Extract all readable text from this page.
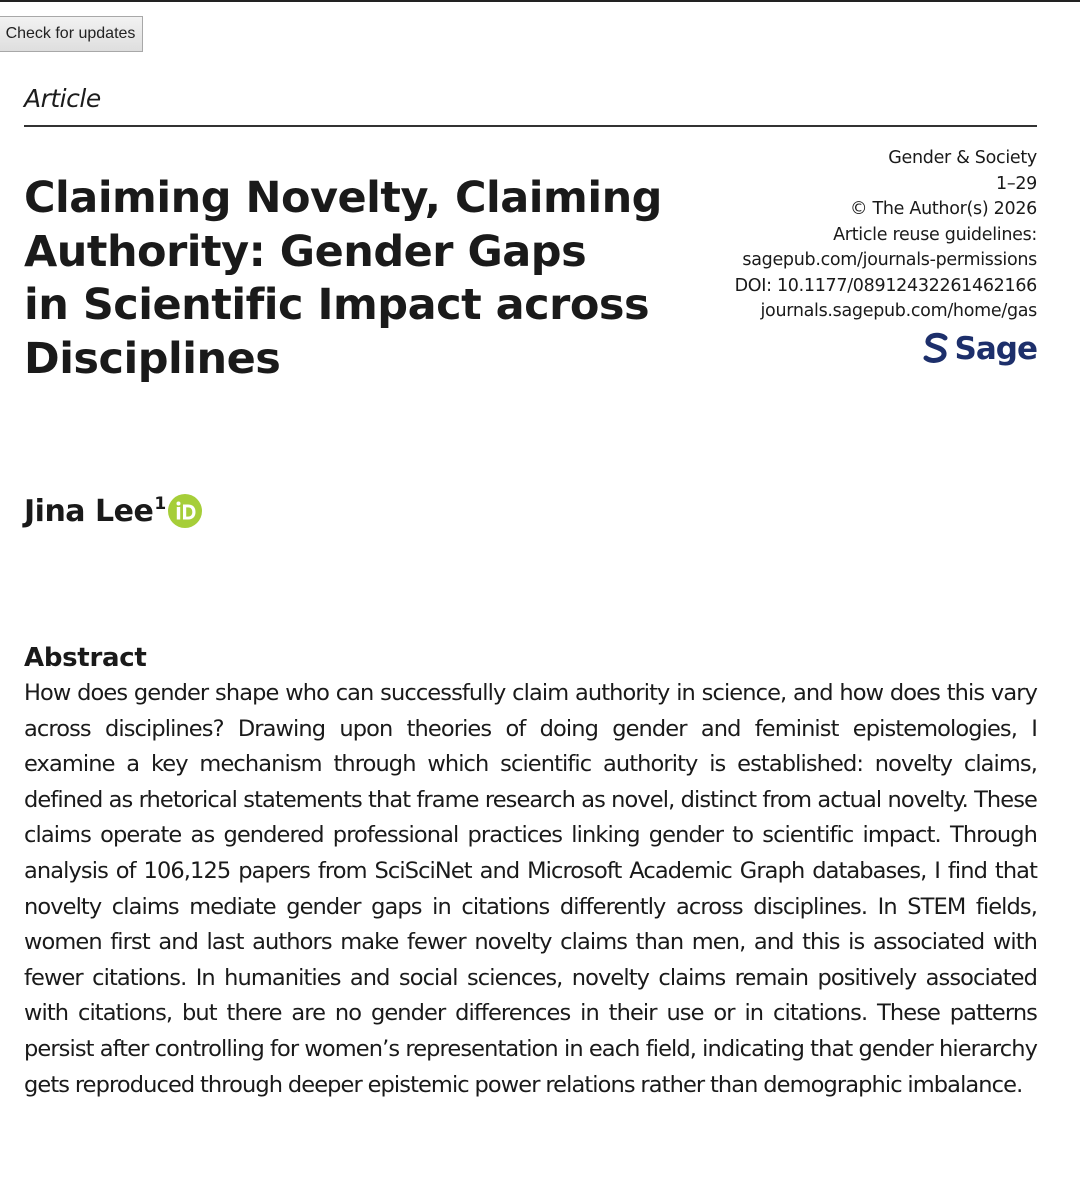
Check for updates
Article
Gender & Society
1–29
© The Author(s) 2026
Article reuse guidelines:
sagepub.com/journals-permissions
DOI: 10.1177/08912432261462166
journals.sagepub.com/home/gas
Sage
Claiming Novelty, Claiming
Authority: Gender Gaps
in Scientific Impact across
Disciplines
Jina Lee 1
Abstract

How does gender shape who can successfully claim authority in science, and how does this vary across disciplines? Drawing upon theories of doing gender and feminist epistemologies, I examine a key mechanism through which scientific authority is established: novelty claims, defined as rhetorical statements that frame research as novel, distinct from actual novelty. These claims operate as gendered professional practices linking gender to scientific impact. Through analysis of 106,125 papers from SciSciNet and Microsoft Academic Graph databases, I find that novelty claims mediate gender gaps in citations differently across disciplines. In STEM fields, women first and last authors make fewer novelty claims than men, and this is associated with fewer citations. In humanities and social sciences, novelty claims remain positively associated with citations, but there are no gender differences in their use or in citations. These patterns persist after controlling for women’s representation in each field, indicating that gender hierarchy gets reproduced through deeper epistemic power relations rather than demographic imbalance.
